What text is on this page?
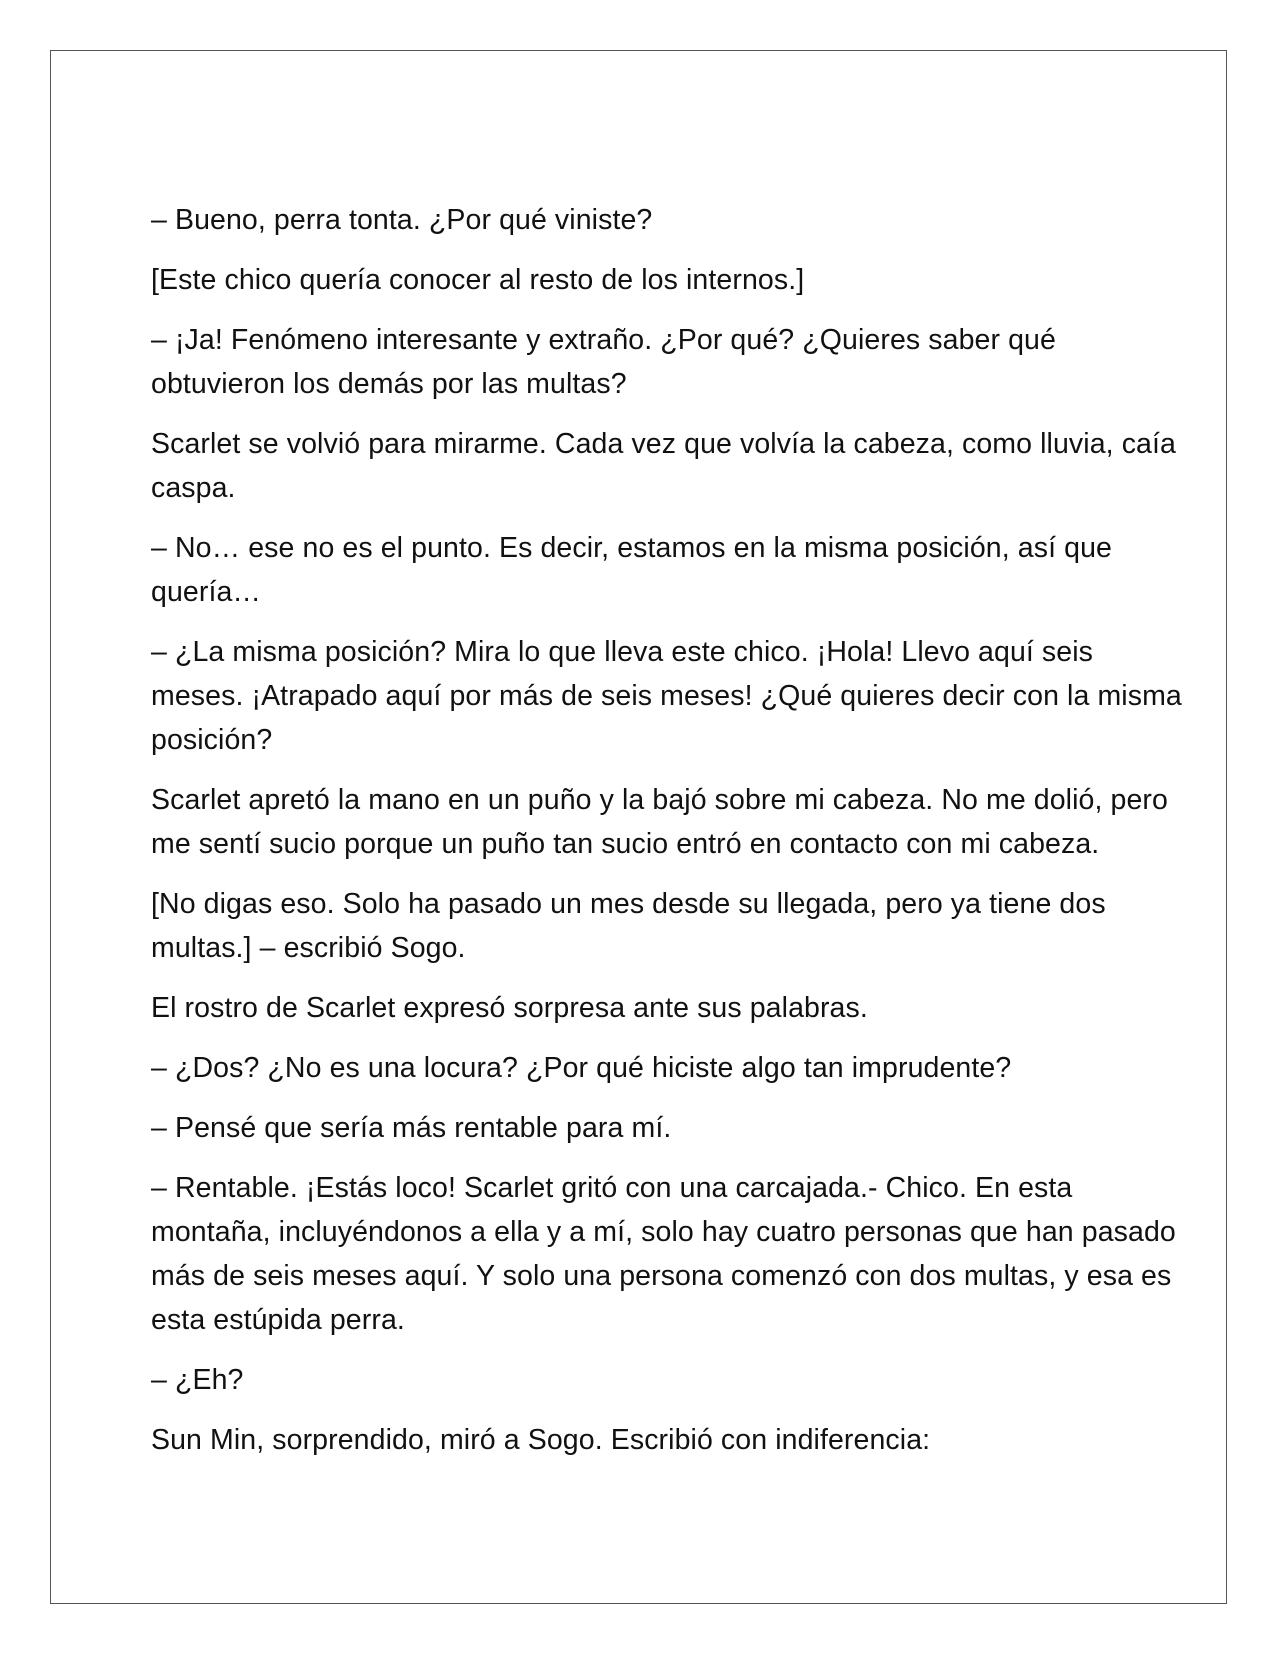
– Bueno, perra tonta. ¿Por qué viniste?

[Este chico quería conocer al resto de los internos.]

– ¡Ja! Fenómeno interesante y extraño. ¿Por qué? ¿Quieres saber qué obtuvieron los demás por las multas?

Scarlet se volvió para mirarme. Cada vez que volvía la cabeza, como lluvia, caía caspa.

– No… ese no es el punto. Es decir, estamos en la misma posición, así que quería…

– ¿La misma posición? Mira lo que lleva este chico. ¡Hola! Llevo aquí seis meses. ¡Atrapado aquí por más de seis meses! ¿Qué quieres decir con la misma posición?

Scarlet apretó la mano en un puño y la bajó sobre mi cabeza. No me dolió, pero me sentí sucio porque un puño tan sucio entró en contacto con mi cabeza.

[No digas eso. Solo ha pasado un mes desde su llegada, pero ya tiene dos multas.] – escribió Sogo.

El rostro de Scarlet expresó sorpresa ante sus palabras.

– ¿Dos? ¿No es una locura? ¿Por qué hiciste algo tan imprudente?

– Pensé que sería más rentable para mí.

– Rentable. ¡Estás loco! Scarlet gritó con una carcajada.- Chico. En esta montaña, incluyéndonos a ella y a mí, solo hay cuatro personas que han pasado más de seis meses aquí. Y solo una persona comenzó con dos multas, y esa es esta estúpida perra.

– ¿Eh?

Sun Min, sorprendido, miró a Sogo. Escribió con indiferencia:
